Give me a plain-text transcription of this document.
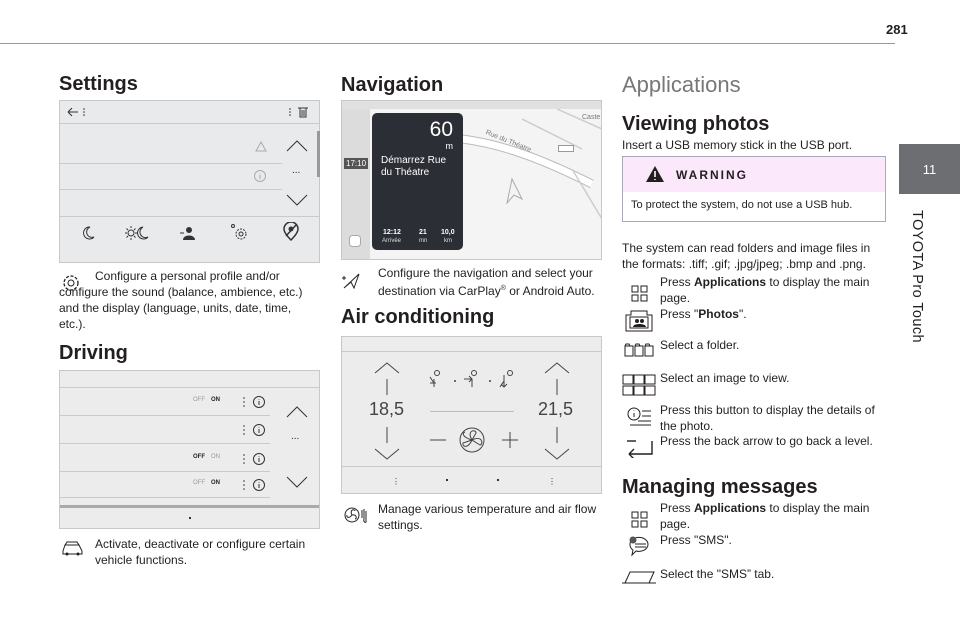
281
11
TOYOTA Pro Touch
Settings
...
Configure a personal profile and/or configure the sound (balance, ambience, etc.) and the display (language, units, date, time, etc.).
Driving
OFF	ON
OFF	ON
OFF	ON
...
Activate, deactivate or configure certain vehicle functions.
Navigation
17:10
Rue du Théatre
Caste
60
m
Démarrez Rue
du Théatre
12:12
Arrivée
21
mn
10,0
km
Configure the navigation and select your destination via CarPlay® or Android Auto.
Air conditioning
18,5	21,5
⋮	⋮
Manage various temperature and air flow settings.
Applications
Viewing photos
Insert a USB memory stick in the USB port.
WARNING
To protect the system, do not use a USB hub.
The system can read folders and image files in the formats: .tiff; .gif; .jpg/jpeg; .bmp and .png.
Press Applications to display the main page.
Press "Photos".
Select a folder.
Select an image to view.
Press this button to display the details of the photo.
Press the back arrow to go back a level.
Managing messages
Press Applications to display the main page.
Press "SMS".
Select the "SMS” tab.
